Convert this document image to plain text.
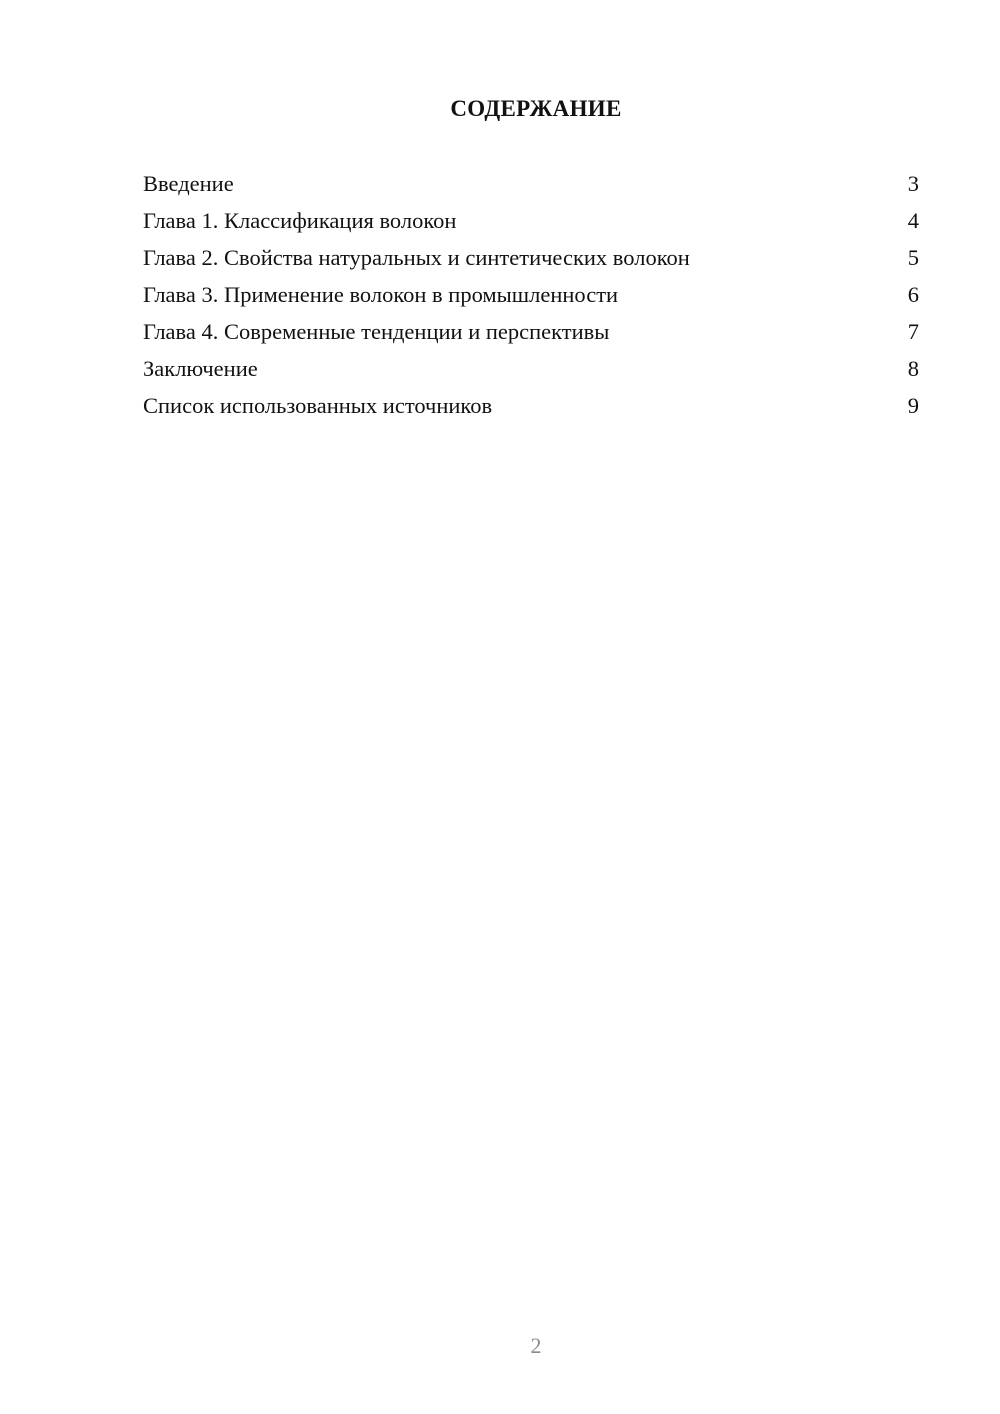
СОДЕРЖАНИЕ
Введение	3
Глава 1. Классификация волокон	4
Глава 2. Свойства натуральных и синтетических волокон	5
Глава 3. Применение волокон в промышленности	6
Глава 4. Современные тенденции и перспективы	7
Заключение	8
Список использованных источников	9
2
